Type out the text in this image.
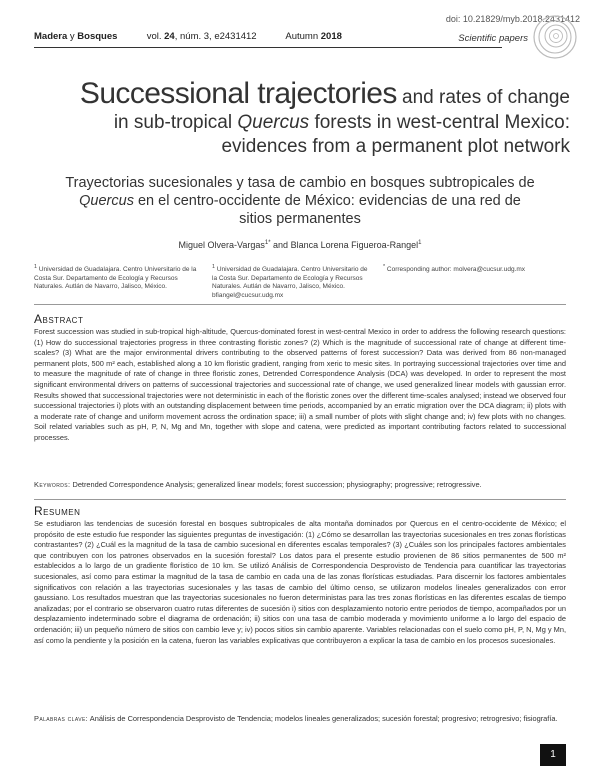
doi: 10.21829/myb.2018.2431412
Madera y Bosques	vol. 24, núm. 3, e2431412	Autumn 2018	Scientific papers
Successional trajectories and rates of change
in sub-tropical Quercus forests in west-central Mexico:
evidences from a permanent plot network
Trayectorias sucesionales y tasa de cambio en bosques subtropicales de
Quercus en el centro-occidente de México: evidencias de una red de
sitios permanentes
Miguel Olvera-Vargas$^{1*}$ and Blanca Lorena Figueroa-Rangel$^1$
$^1$ Universidad de Guadalajara. Centro Universitario de la Costa Sur. Departamento de Ecología y Recursos Naturales. Autlán de Navarro, Jalisco, México.
$^1$ Universidad de Guadalajara. Centro Universitario de la Costa Sur. Departamento de Ecología y Recursos Naturales. Autlán de Navarro, Jalisco, México. bfiangel@cucsur.udg.mx
* Corresponding author: molvera@cucsur.udg.mx
Abstract
Forest succession was studied in sub-tropical high-altitude, Quercus-dominated forest in west-central Mexico in order to address the following research questions: (1) How do successional trajectories progress in three contrasting floristic zones? (2) Which is the magnitude of successional rate of change at different time-scales? (3) What are the major environmental drivers contributing to the observed patterns of forest succession? Data was derived from 86 non-managed permanent plots, 500 m² each, established along a 10 km floristic gradient, ranging from xeric to mesic sites. In portraying successional trajectories over time and to measure the magnitude of rate of change in three floristic zones, Detrended Correspondence Analysis (DCA) was developed. In order to represent the most significant environmental drivers on patterns of successional trajectories and successional rate of change, we used generalized linear models with gaussian error. Results showed that successional trajectories were not deterministic in each of the floristic zones over the different time-scales analysed; instead we observed four successional trajectories i) plots with an outstanding displacement between time periods, accompanied by an erratic migration over the DCA diagram; ii) plots with a moderate rate of change and uniform movement across the ordination space; iii) a small number of plots with slight change and; iv) few plots with no changes. Soil related variables such as pH, P, N, Mg and Mn, together with slope and catena, were predicted as important contributing factors related to successional processes.
Keywords: Detrended Correspondence Analysis; generalized linear models; forest succession; physiography; progressive; retrogressive.
Resumen
Se estudiaron las tendencias de sucesión forestal en bosques subtropicales de alta montaña dominados por Quercus en el centro-occidente de México; el propósito de este estudio fue responder las siguientes preguntas de investigación: (1) ¿Cómo se desarrollan las trayectorias sucesionales en tres zonas florísticas contrastantes? (2) ¿Cuál es la magnitud de la tasa de cambio sucesional en diferentes escalas temporales? (3) ¿Cuáles son los principales factores ambientales que contribuyen con los patrones observados en la sucesión forestal? Los datos para el presente estudio provienen de 86 sitios permanentes de 500 m² establecidos a lo largo de un gradiente florístico de 10 km. Se utilizó Análisis de Correspondencia Desprovisto de Tendencia para cuantificar las trayectorias sucesionales, así como para estimar la magnitud de la tasa de cambio en cada una de las zonas florísticas estudiadas. Para discernir los factores ambientales significativos con relación a las trayectorias sucesionales y las tasas de cambio del último censo, se utilizaron modelos lineales generalizados con error gaussiano. Los resultados muestran que las trayectorias sucesionales no fueron deterministas para las tres zonas florísticas en las diferentes escalas de tiempo analizadas; por el contrario se observaron cuatro rutas diferentes de sucesión i) sitios con desplazamiento notorio entre periodos de tiempo, acompañados por un desplazamiento indeterminado sobre el diagrama de ordenación; ii) sitios con una tasa de cambio moderada y movimiento uniforme a lo largo del espacio de ordenación; iii) un pequeño número de sitios con cambio leve y; iv) pocos sitios sin cambio aparente. Variables relacionadas con el suelo como pH, P, N, Mg y Mn, así como la pendiente y la posición en la catena, fueron las variables explicativas que contribuyeron a explicar la tasa de cambio en los procesos sucesionales.
Palabras clave: Análisis de Correspondencia Desprovisto de Tendencia; modelos lineales generalizados; sucesión forestal; progresivo; retrogresivo; fisiografía.
1
